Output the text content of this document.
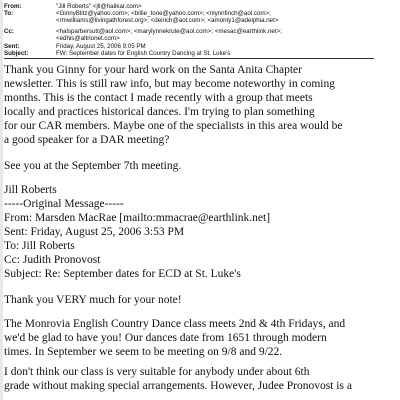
From:	"Jill Roberts" <jll@halikar.com>
To:	<GinnyBlitz@yahoo.com>; <billie_tone@yahoo.com>; <nlynnfinch@aol.com>;
<rmwilliams@livingathforest.org>; <deirich@aol.com>; <amonty1@adelphia.net>
Cc:	<halsparbersutt@aol.com>; <marylynnekrute@aol.com>; <mesac@earthlink.net>;
<edhis@altrionet.com>
Sent:	Friday, August 25, 2006 9:05 PM
Subject:	FW: September dates for English Country Dancing at St. Luke's
Thank you Ginny for your hard work on the Santa Anita Chapter
newsletter. This is still raw info, but may become noteworthy in coming
months. This is the contact I made recently with a group that meets
locally and practices historical dances. I'm trying to plan something
for our CAR members. Maybe one of the specialists in this area would be
a good speaker for a DAR meeting?
See you at the September 7th meeting.
Jill Roberts
-----Original Message-----
From: Marsden MacRae [mailto:mmacrae@earthlink.net]
Sent: Friday, August 25, 2006 3:53 PM
To: Jill Roberts
Cc: Judith Pronovost
Subject: Re: September dates for ECD at St. Luke's
Thank you VERY much for your note!
The Monrovia English Country Dance class meets 2nd & 4th Fridays, and
we'd be glad to have you! Our dances date from 1651 through modern
times. In September we seem to be meeting on 9/8 and 9/22.
I don't think our class is very suitable for anybody under about 6th
grade without making special arrangements. However, Judee Pronovost is a
